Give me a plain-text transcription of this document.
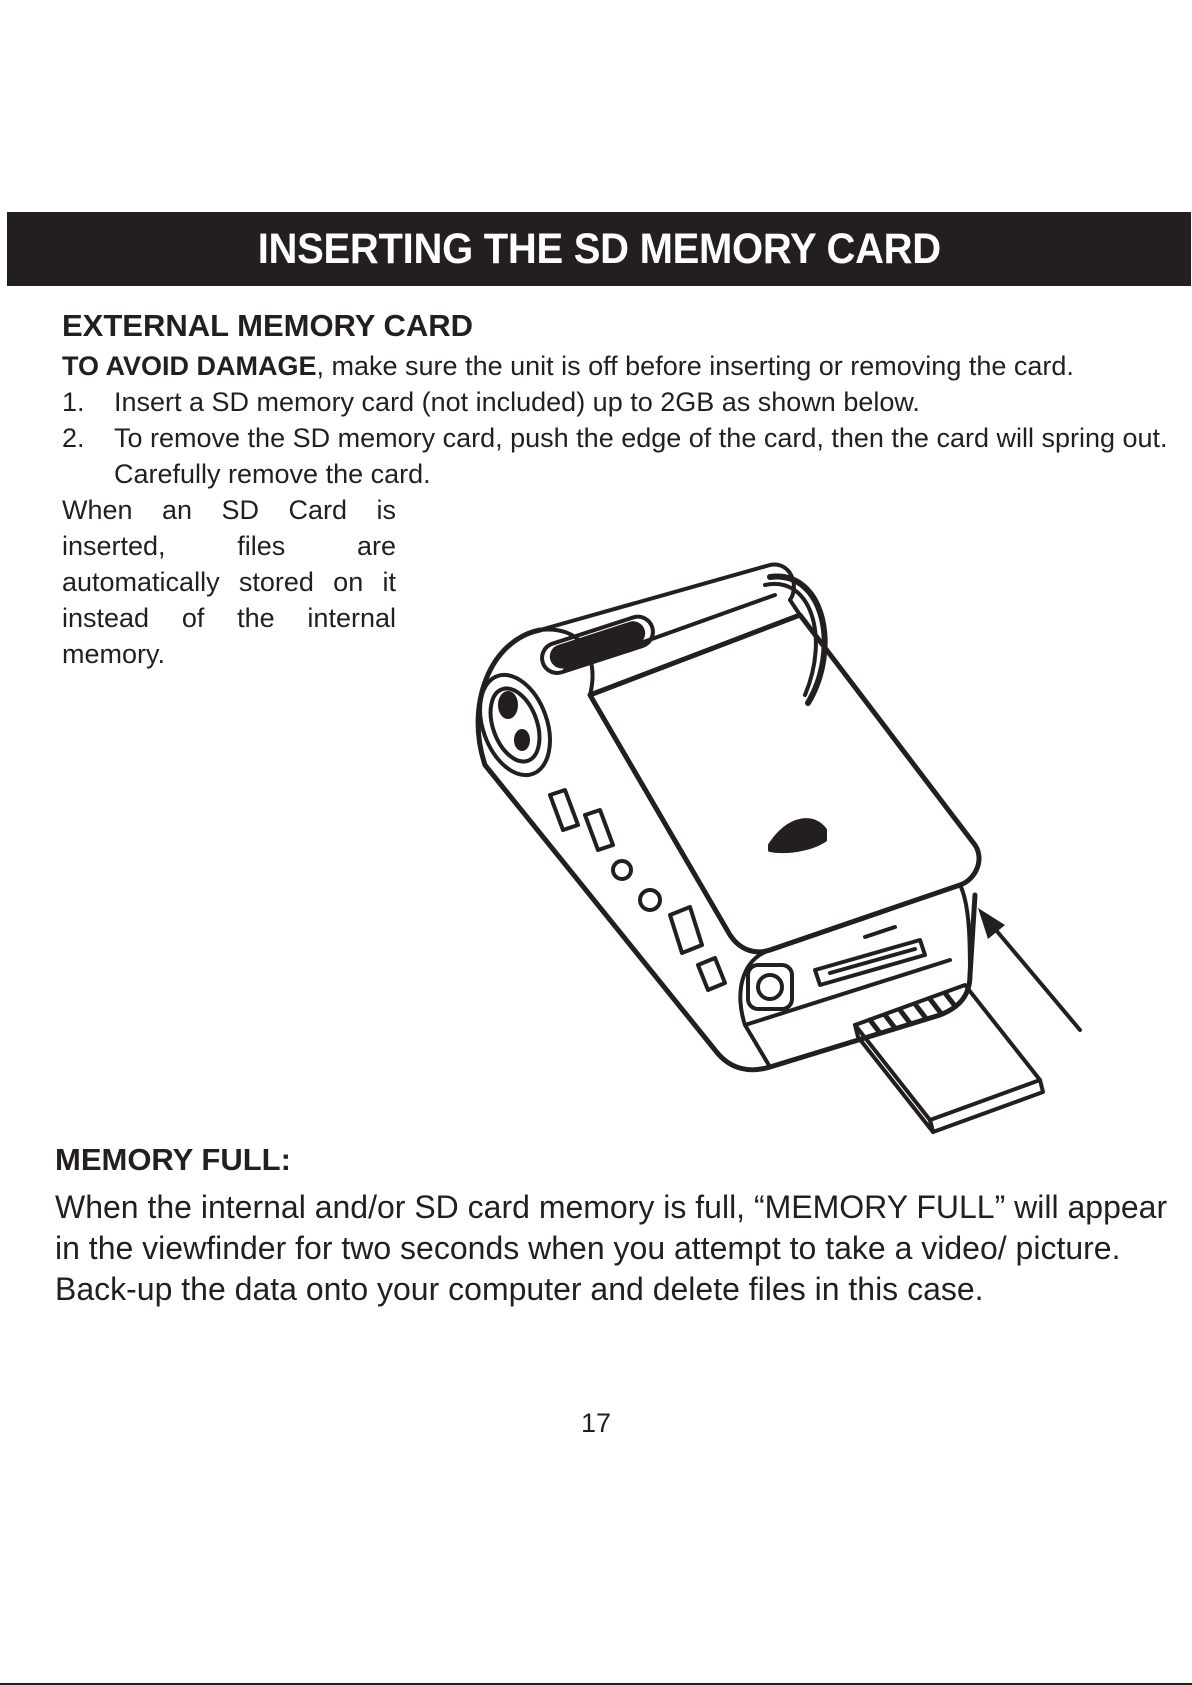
INSERTING THE SD MEMORY CARD
EXTERNAL MEMORY CARD

TO AVOID DAMAGE, make sure the unit is off before inserting or removing the card.

1. Insert a SD memory card (not included) up to 2GB as shown below.
2. To remove the SD memory card, push the edge of the card, then the card will spring out. Carefully remove the card.

When an SD Card is inserted, files are automatically stored on it instead of the internal memory.

MEMORY FULL:

When the internal and/or SD card memory is full, “MEMORY FULL” will appear in the viewfinder for two seconds when you attempt to take a video/ picture. Back-up the data onto your computer and delete files in this case.

17
